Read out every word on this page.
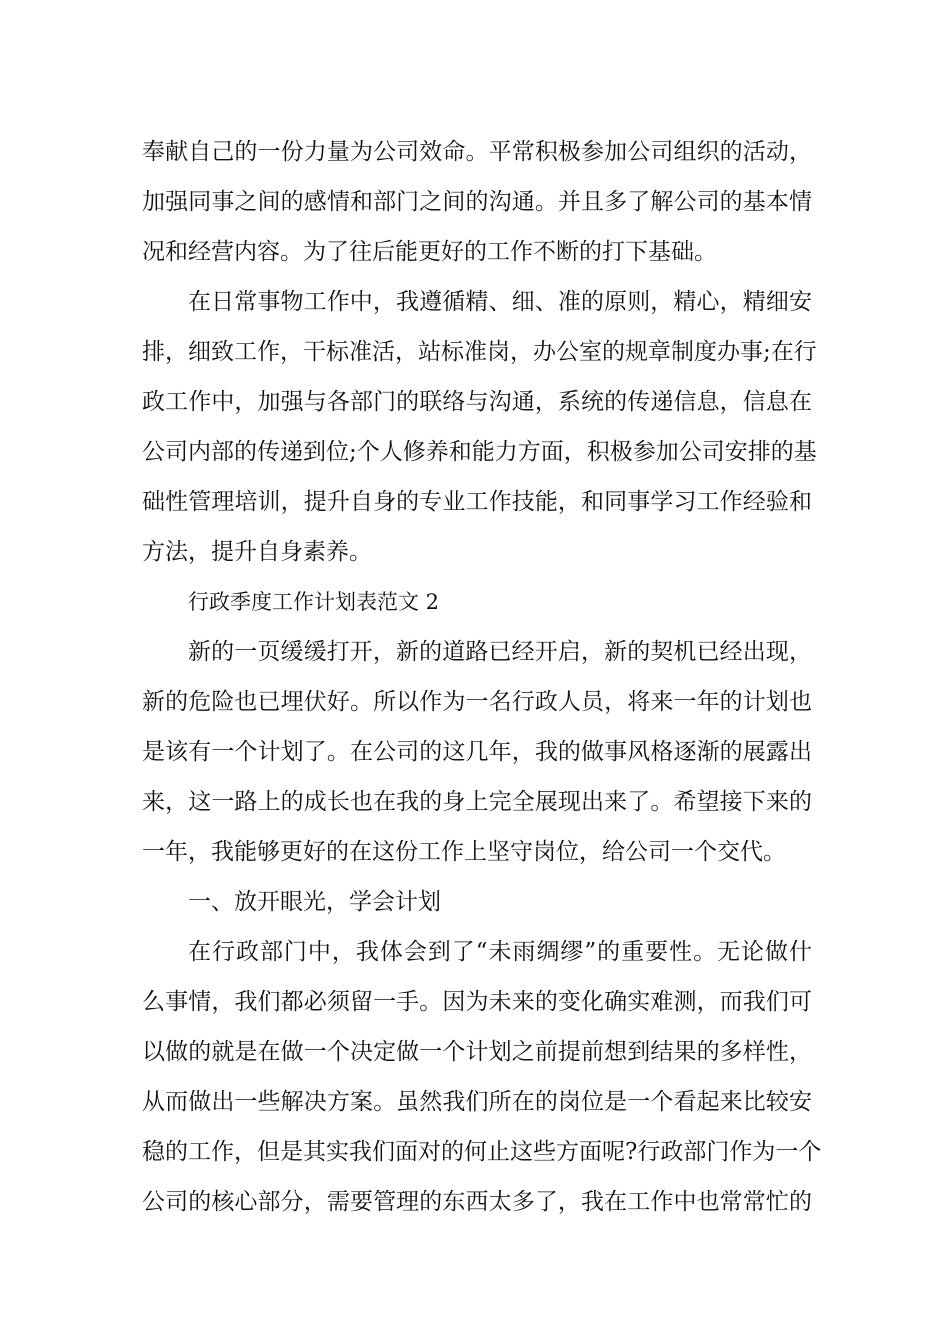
奉献自己的一份力量为公司效命。平常积极参加公司组织的活动，
加强同事之间的感情和部门之间的沟通。并且多了解公司的基本情
况和经营内容。为了往后能更好的工作不断的打下基础。
在日常事物工作中，我遵循精、细、准的原则，精心，精细安
排，细致工作，干标准活，站标准岗，办公室的规章制度办事;在行
政工作中，加强与各部门的联络与沟通，系统的传递信息，信息在
公司内部的传递到位;个人修养和能力方面，积极参加公司安排的基
础性管理培训，提升自身的专业工作技能，和同事学习工作经验和
方法，提升自身素养。
行政季度工作计划表范文 2
新的一页缓缓打开，新的道路已经开启，新的契机已经出现，
新的危险也已埋伏好。所以作为一名行政人员，将来一年的计划也
是该有一个计划了。在公司的这几年，我的做事风格逐渐的展露出
来，这一路上的成长也在我的身上完全展现出来了。希望接下来的
一年，我能够更好的在这份工作上坚守岗位，给公司一个交代。
一、放开眼光，学会计划
在行政部门中，我体会到了“未雨绸缪”的重要性。无论做什
么事情，我们都必须留一手。因为未来的变化确实难测，而我们可
以做的就是在做一个决定做一个计划之前提前想到结果的多样性，
从而做出一些解决方案。虽然我们所在的岗位是一个看起来比较安
稳的工作，但是其实我们面对的何止这些方面呢?行政部门作为一个
公司的核心部分，需要管理的东西太多了，我在工作中也常常忙的
